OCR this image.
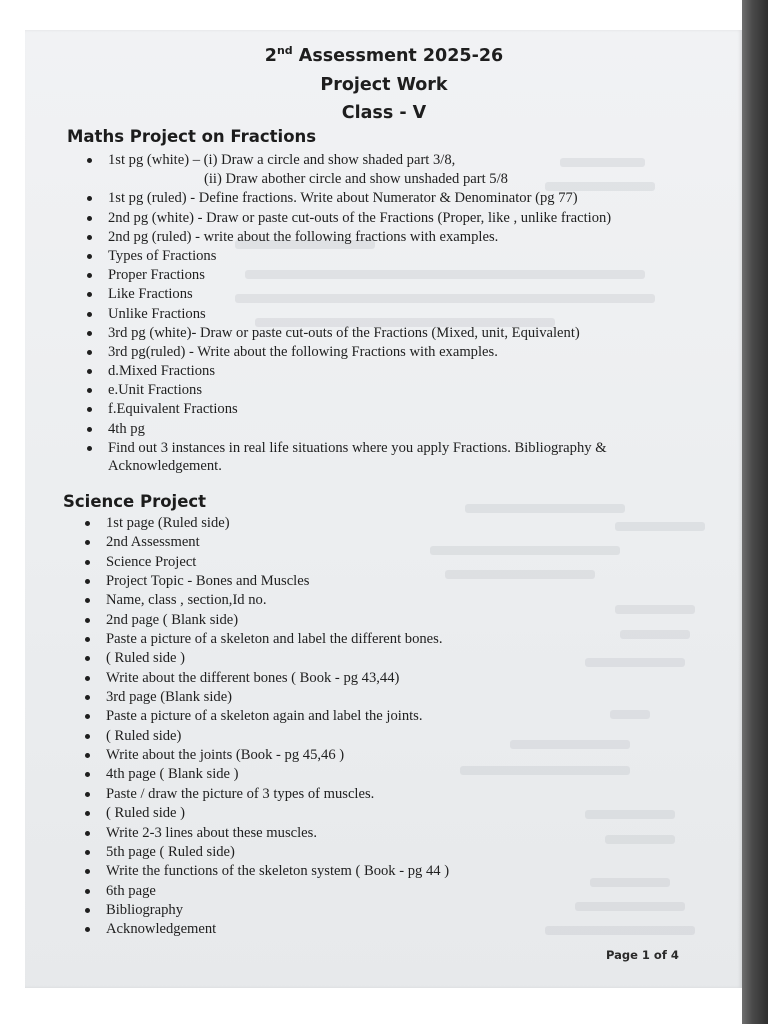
2nd Assessment 2025-26
Project Work
Class - V
Maths Project on Fractions
1st pg (white) – (i) Draw a circle and show shaded part 3/8,
(ii) Draw abother circle and show unshaded part 5/8
1st pg (ruled) - Define fractions. Write about Numerator & Denominator (pg 77)
2nd pg (white) - Draw or paste cut-outs of the Fractions (Proper, like , unlike fraction)
2nd pg (ruled) - write about the following fractions with examples.
Types of Fractions
Proper Fractions
Like Fractions
Unlike Fractions
3rd pg (white)- Draw or paste cut-outs of the Fractions (Mixed, unit, Equivalent)
3rd pg(ruled) - Write about the following Fractions with examples.
d.Mixed Fractions
e.Unit Fractions
f.Equivalent Fractions
4th pg
Find out 3 instances in real life situations where you apply Fractions. Bibliography & Acknowledgement.
Science Project
1st page (Ruled side)
2nd Assessment
Science Project
Project Topic - Bones and Muscles
Name, class , section,Id no.
2nd page ( Blank side)
Paste a picture of a skeleton and label the different bones.
( Ruled side )
Write about the different bones ( Book - pg 43,44)
3rd page (Blank side)
Paste a picture of a skeleton again and label the joints.
( Ruled side)
Write about the joints (Book - pg 45,46 )
4th page ( Blank side )
Paste / draw the picture of 3 types of muscles.
( Ruled side )
Write 2-3 lines about these muscles.
5th page ( Ruled side)
Write the functions of the skeleton system ( Book - pg 44 )
6th page
Bibliography
Acknowledgement
Page 1 of 4
